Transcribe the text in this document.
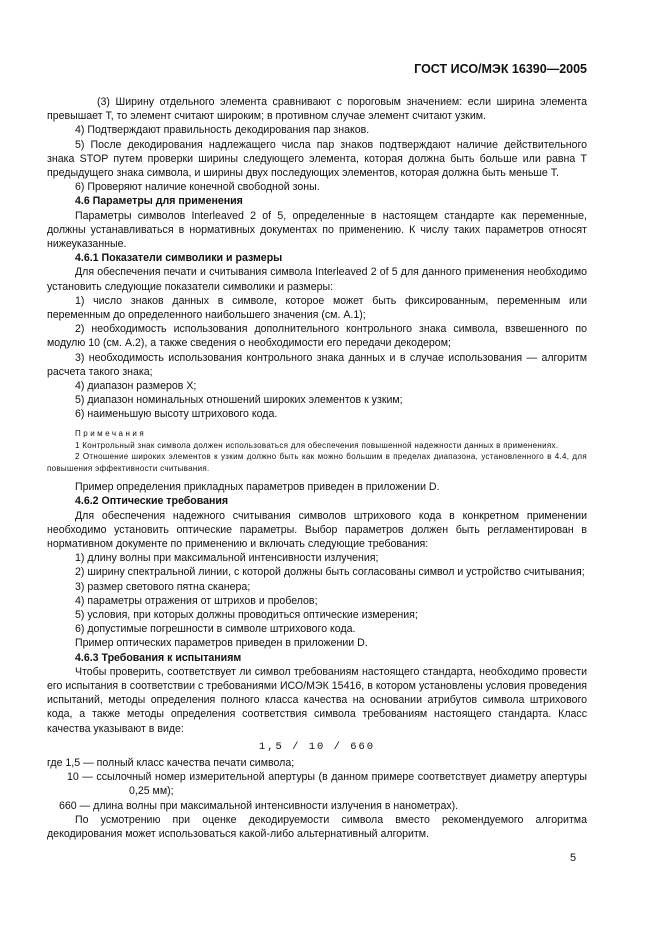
ГОСТ ИСО/МЭК 16390—2005

(3) Ширину отдельного элемента сравнивают с пороговым значением: если ширина элемента превышает T, то элемент считают широким; в противном случае элемент считают узким.

4) Подтверждают правильность декодирования пар знаков.

5) После декодирования надлежащего числа пар знаков подтверждают наличие действительного знака STOP путем проверки ширины следующего элемента, которая должна быть больше или равна T предыдущего знака символа, и ширины двух последующих элементов, которая должна быть меньше T.

6) Проверяют наличие конечной свободной зоны.

4.6 Параметры для применения

Параметры символов Interleaved 2 of 5, определенные в настоящем стандарте как переменные, должны устанавливаться в нормативных документах по применению. К числу таких параметров относят нижеуказанные.

4.6.1 Показатели символики и размеры

Для обеспечения печати и считывания символа Interleaved 2 of 5 для данного применения необходимо установить следующие показатели символики и размеры:

1) число знаков данных в символе, которое может быть фиксированным, переменным или переменным до определенного наибольшего значения (см. А.1);

2) необходимость использования дополнительного контрольного знака символа, взвешенного по модулю 10 (см. А.2), а также сведения о необходимости его передачи декодером;

3) необходимость использования контрольного знака данных и в случае использования — алгоритм расчета такого знака;

4) диапазон размеров X;

5) диапазон номинальных отношений широких элементов к узким;

6) наименьшую высоту штрихового кода.

Примечания

1 Контрольный знак символа должен использоваться для обеспечения повышенной надежности данных в применениях.

2 Отношение широких элементов к узким должно быть как можно большим в пределах диапазона, установленного в 4.4, для повышения эффективности считывания.

Пример определения прикладных параметров приведен в приложении D.

4.6.2 Оптические требования

Для обеспечения надежного считывания символов штрихового кода в конкретном применении необходимо установить оптические параметры. Выбор параметров должен быть регламентирован в нормативном документе по применению и включать следующие требования:

1) длину волны при максимальной интенсивности излучения;

2) ширину спектральной линии, с которой должны быть согласованы символ и устройство считывания;

3) размер светового пятна сканера;

4) параметры отражения от штрихов и пробелов;

5) условия, при которых должны проводиться оптические измерения;

6) допустимые погрешности в символе штрихового кода.

Пример оптических параметров приведен в приложении D.

4.6.3 Требования к испытаниям

Чтобы проверить, соответствует ли символ требованиям настоящего стандарта, необходимо провести его испытания в соответствии с требованиями ИСО/МЭК 15416, в котором установлены условия проведения испытаний, методы определения полного класса качества на основании атрибутов символа штрихового кода, а также методы определения соответствия символа требованиям настоящего стандарта. Класс качества указывают в виде:

1,5 / 10 / 660

где 1,5 — полный класс качества печати символа;

10 — ссылочный номер измерительной апертуры (в данном примере соответствует диаметру апертуры 0,25 мм);

660 — длина волны при максимальной интенсивности излучения в нанометрах).

По усмотрению при оценке декодируемости символа вместо рекомендуемого алгоритма декодирования может использоваться какой-либо альтернативный алгоритм.

5
